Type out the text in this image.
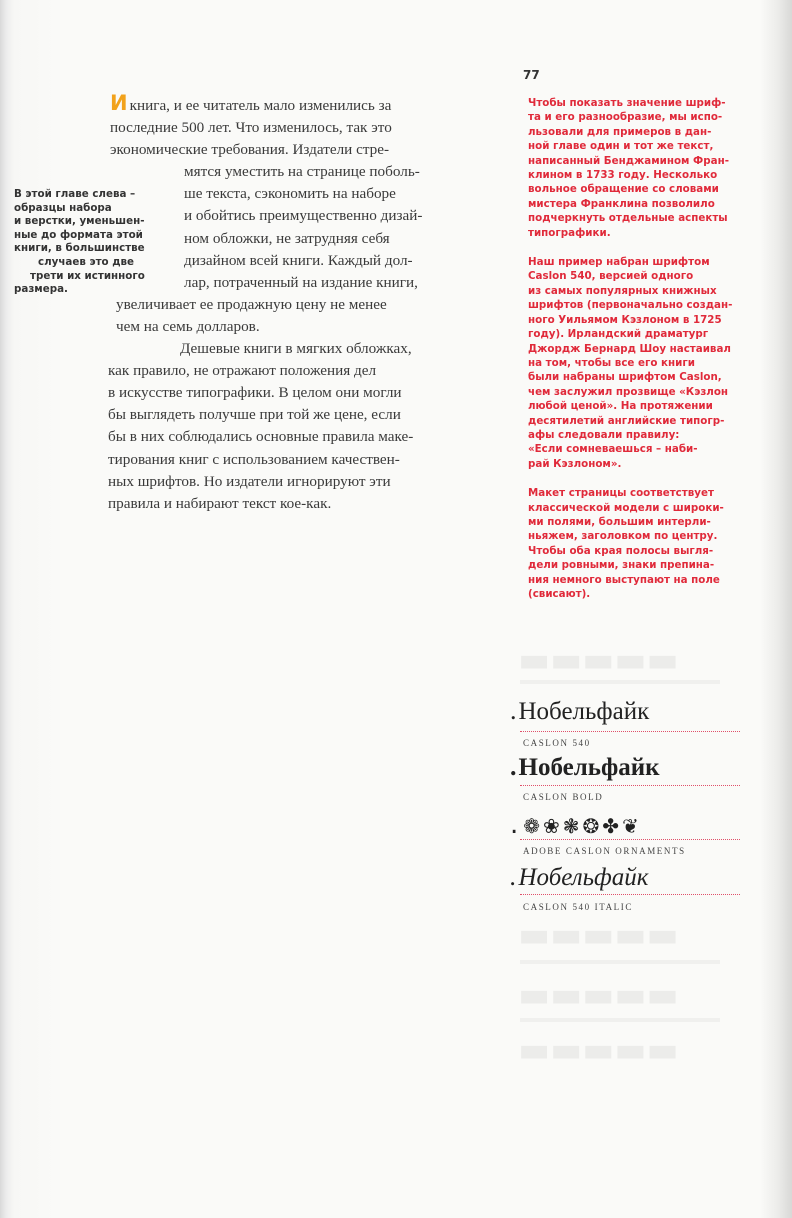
77
И книга, и ее читатель мало изменились за
последние 500 лет. Что изменилось, так это
экономические требования. Издатели стре-
мятся уместить на странице поболь-
ше текста, сэкономить на наборе
и обойтись преимущественно дизай-
ном обложки, не затрудняя себя
дизайном всей книги. Каждый дол-
лар, потраченный на издание книги,
увеличивает ее продажную цену не менее
чем на семь долларов.
Дешевые книги в мягких обложках,
как правило, не отражают положения дел
в искусстве типографики. В целом они могли
бы выглядеть получше при той же цене, если
бы в них соблюдались основные правила маке-
тирования книг с использованием качествен-
ных шрифтов. Но издатели игнорируют эти
правила и набирают текст кое-как.
В этой главе слева –
образцы набора
и верстки, уменьшен-
ные до формата этой
книги, в большинстве
случаев это две
трети их истинного
размера.
Чтобы показать значение шриф-
та и его разнообразие, мы испо-
льзовали для примеров в дан-
ной главе один и тот же текст,
написанный Бенджамином Фран-
клином в 1733 году. Несколько
вольное обращение со словами
мистера Франклина позволило
подчеркнуть отдельные аспекты
типографики.
Наш пример набран шрифтом
Caslon 540, версией одного
из самых популярных книжных
шрифтов (первоначально создан-
ного Уильямом Кэзлоном в 1725
году). Ирландский драматург
Джордж Бернард Шоу настаивал
на том, чтобы все его книги
были набраны шрифтом Caslon,
чем заслужил прозвище «Кэзлон
любой ценой». На протяжении
десятилетий английские типогр-
афы следовали правилу:
«Если сомневаешься – наби-
рай Кэзлоном».
Макет страницы соответствует
классической модели с широки-
ми полями, большим интерли-
ньяжем, заголовком по центру.
Чтобы оба края полосы выгля-
дели ровными, знаки препина-
ния немного выступают на поле
(свисают).
▬▬▬▬▬
▬▬▬▬▬
▬▬▬▬▬
▬▬▬▬▬
.Нобельфайк
CASLON 540
.Нобельфайк
CASLON BOLD
. ❁❀❃❂✤❦
ADOBE CASLON ORNAMENTS
.Нобельфайк
CASLON 540 ITALIC
